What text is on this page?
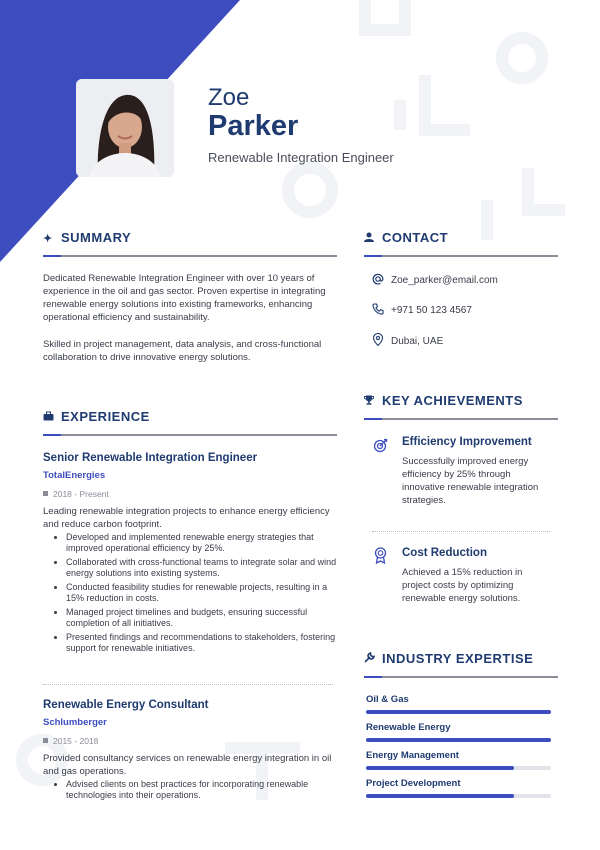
Zoe
Parker
Renewable Integration Engineer
✦ SUMMARY
Dedicated Renewable Integration Engineer with over 10 years of experience in the oil and gas sector. Proven expertise in integrating renewable energy solutions into existing frameworks, enhancing operational efficiency and sustainability.
Skilled in project management, data analysis, and cross-functional collaboration to drive innovative energy solutions.
CONTACT
Zoe_parker@email.com
+971 50 123 4567
Dubai, UAE
EXPERIENCE
Senior Renewable Integration Engineer
TotalEnergies
2018 - Present
Leading renewable integration projects to enhance energy efficiency and reduce carbon footprint.
• Developed and implemented renewable energy strategies that improved operational efficiency by 25%.
• Collaborated with cross-functional teams to integrate solar and wind energy solutions into existing systems.
• Conducted feasibility studies for renewable projects, resulting in a 15% reduction in costs.
• Managed project timelines and budgets, ensuring successful completion of all initiatives.
• Presented findings and recommendations to stakeholders, fostering support for renewable initiatives.
Renewable Energy Consultant
Schlumberger
2015 - 2018
Provided consultancy services on renewable energy integration in oil and gas operations.
• Advised clients on best practices for incorporating renewable technologies into their operations.
KEY ACHIEVEMENTS
Efficiency Improvement
Successfully improved energy efficiency by 25% through innovative renewable integration strategies.
Cost Reduction
Achieved a 15% reduction in project costs by optimizing renewable energy solutions.
INDUSTRY EXPERTISE
Oil & Gas
Renewable Energy
Energy Management
Project Development
